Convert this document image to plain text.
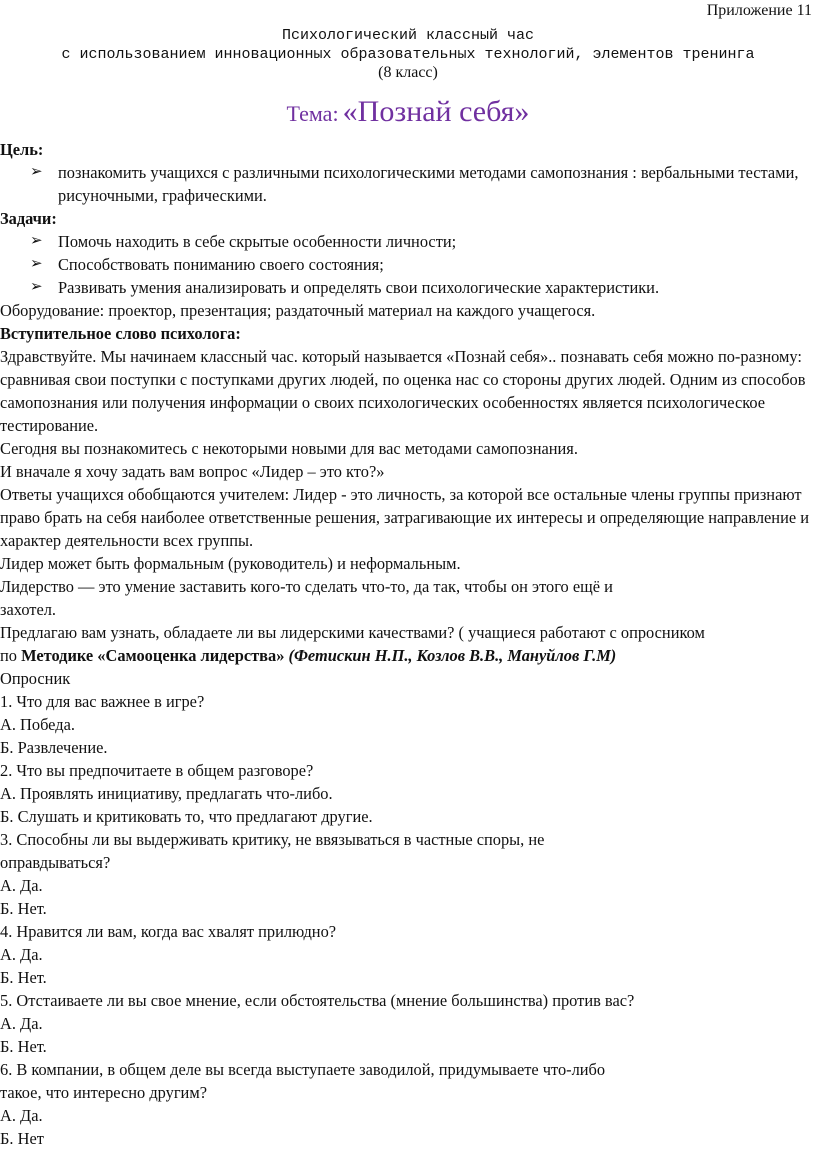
Приложение 11
Психологический классный час
с использованием инновационных образовательных технологий, элементов тренинга
(8 класс)
Тема: «Познай себя»

Цель:

➢ познакомить учащихся с различными психологическими методами самопознания : вербальными тестами, рисуночными, графическими.

Задачи:

➢ Помочь находить в себе скрытые особенности личности;
➢ Способствовать пониманию своего состояния;
➢ Развивать умения анализировать и определять свои психологические характеристики.

Оборудование: проектор, презентация; раздаточный материал на каждого учащегося.

Вступительное слово психолога:

Здравствуйте. Мы начинаем классный час. который называется «Познай себя».. познавать себя можно по-разному: сравнивая свои поступки с поступками других людей, по оценка нас со стороны других людей. Одним из способов самопознания или получения информации о своих психологических особенностях является психологическое тестирование.

Сегодня вы познакомитесь с некоторыми новыми для вас методами самопознания.

И вначале я хочу задать вам вопрос «Лидер – это кто?»

Ответы учащихся обобщаются учителем: Лидер - это личность, за которой все остальные члены группы признают право брать на себя наиболее ответственные решения, затрагивающие их интересы и определяющие направление и характер деятельности всех группы.

Лидер может быть формальным (руководитель) и неформальным.

Лидерство — это умение заставить кого-то сделать что-то, да так, чтобы он этого ещё и

захотел.

Предлагаю вам узнать, обладаете ли вы лидерскими качествами? ( учащиеся работают с опросником

по Методике «Самооценка лидерства» (Фетискин Н.П., Козлов В.В., Мануйлов Г.М)

Опросник

1. Что для вас важнее в игре?

А. Победа.

Б. Развлечение.

2. Что вы предпочитаете в общем разговоре?

А. Проявлять инициативу, предлагать что-либо.

Б. Слушать и критиковать то, что предлагают другие.

3. Способны ли вы выдерживать критику, не ввязываться в частные споры, не

оправдываться?

А. Да.

Б. Нет.

4. Нравится ли вам, когда вас хвалят прилюдно?

А. Да.

Б. Нет.

5. Отстаиваете ли вы свое мнение, если обстоятельства (мнение большинства) против вас?

А. Да.

Б. Нет.

6. В компании, в общем деле вы всегда выступаете заводилой, придумываете что-либо

такое, что интересно другим?

А. Да.

Б. Нет
